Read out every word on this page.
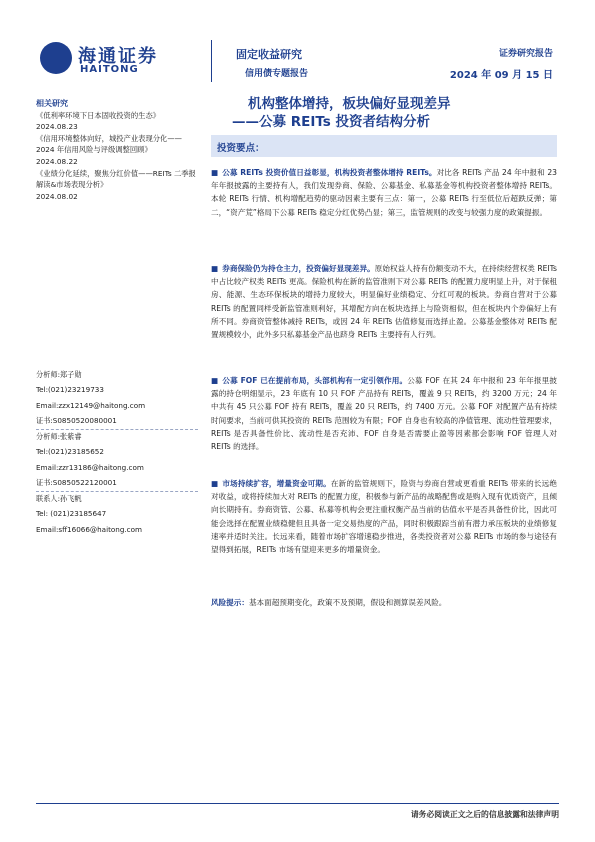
海通证券
HAITONG
固定收益研究
信用债专题报告
证券研究报告
2024 年 09 月 15 日
机构整体增持，板块偏好显现差异
——公募 REITs 投资者结构分析
相关研究

《低利率环境下日本固收投资的生态》

2024.08.23

《信用环境整体向好，城投产业表现分化——2024 年信用风险与评级调整回顾》

2024.08.22

《业绩分化延续，聚焦分红价值——REITs 二季报解读&市场表现分析》

2024.08.02

分析师:郑子勋
Tel:(021)23219733
Email:zzx12149@haitong.com
证书:S0850520080001
分析师:张紫睿
Tel:(021)23185652
Email:zzr13186@haitong.com
证书:S0850522120001
联系人:孙飞帆
Tel: (021)23185647
Email:sff16066@haitong.com
投资要点：
■ 公募 REITs 投资价值日益彰显，机构投资者整体增持 REITs。对比各 REITs 产品 24 年中报和 23 年年报披露的主要持有人，我们发现券商、保险、公募基金、私募基金等机构投资者整体增持 REITs。本轮 REITs 行情、机构增配趋势的驱动因素主要有三点：第一，公募 REITs 行至低位后超跌反弹；第二，“资产荒”格局下公募 REITs 稳定分红优势凸显；第三，监管规则的改变与较强力度的政策提振。
■ 券商保险仍为持仓主力，投资偏好显现差异。原始权益人持有份额变动不大，在持续经营权类 REITs 中占比较产权类 REITs 更高。保险机构在新的监管准则下对公募 REITs 的配置力度明显上升，对于保租房、能源、生态环保板块的增持力度较大，明显偏好业绩稳定、分红可观的板块。券商自营对于公募 REITs 的配置同样受新监管准则利好，其增配方向在板块选择上与险资相似，但在板块内个券偏好上有所不同。券商资管整体减持 REITs，或因 24 年 REITs 估值修复而选择止盈。公募基金整体对 REITs 配置规模较小，此外多只私募基金产品也跻身 REITs 主要持有人行列。
■ 公募 FOF 已在提前布局，头部机构有一定引领作用。公募 FOF 在其 24 年中报和 23 年年报里披露的持仓明细显示，23 年底有 10 只 FOF 产品持有 REITs，覆盖 9 只 REITs，约 3200 万元；24 年中共有 45 只公募 FOF 持有 REITs，覆盖 20 只 REITs，约 7400 万元。公募 FOF 对配置产品有持续时间要求，当前可供其投资的 REITs 范围较为有限；FOF 自身也有较高的净值管理、流动性管理要求，REITs 是否具备性价比、流动性是否充沛、FOF 自身是否需要止盈等因素都会影响 FOF 管理人对 REITs 的选择。
■ 市场持续扩容，增量资金可期。在新的监管规则下，险资与券商自营或更看重 REITs 带来的长远绝对收益，或将持续加大对 REITs 的配置力度，积极参与新产品的战略配售或是购入现有优质资产，且倾向长期持有。券商资管、公募、私募等机构会更注重权衡产品当前的估值水平是否具备性价比，因此可能会选择在配置业绩稳健但且具备一定交易热度的产品，同时积极跟踪当前有潜力承压板块的业绩修复速率并适时关注。长远来看，随着市场扩容增速稳步推进，各类投资者对公募 REITs 市场的参与途径有望得到拓展，REITs 市场有望迎来更多的增量资金。
风险提示：基本面超预期变化，政策不及预期，假设和测算误差风险。
请务必阅读正文之后的信息披露和法律声明
